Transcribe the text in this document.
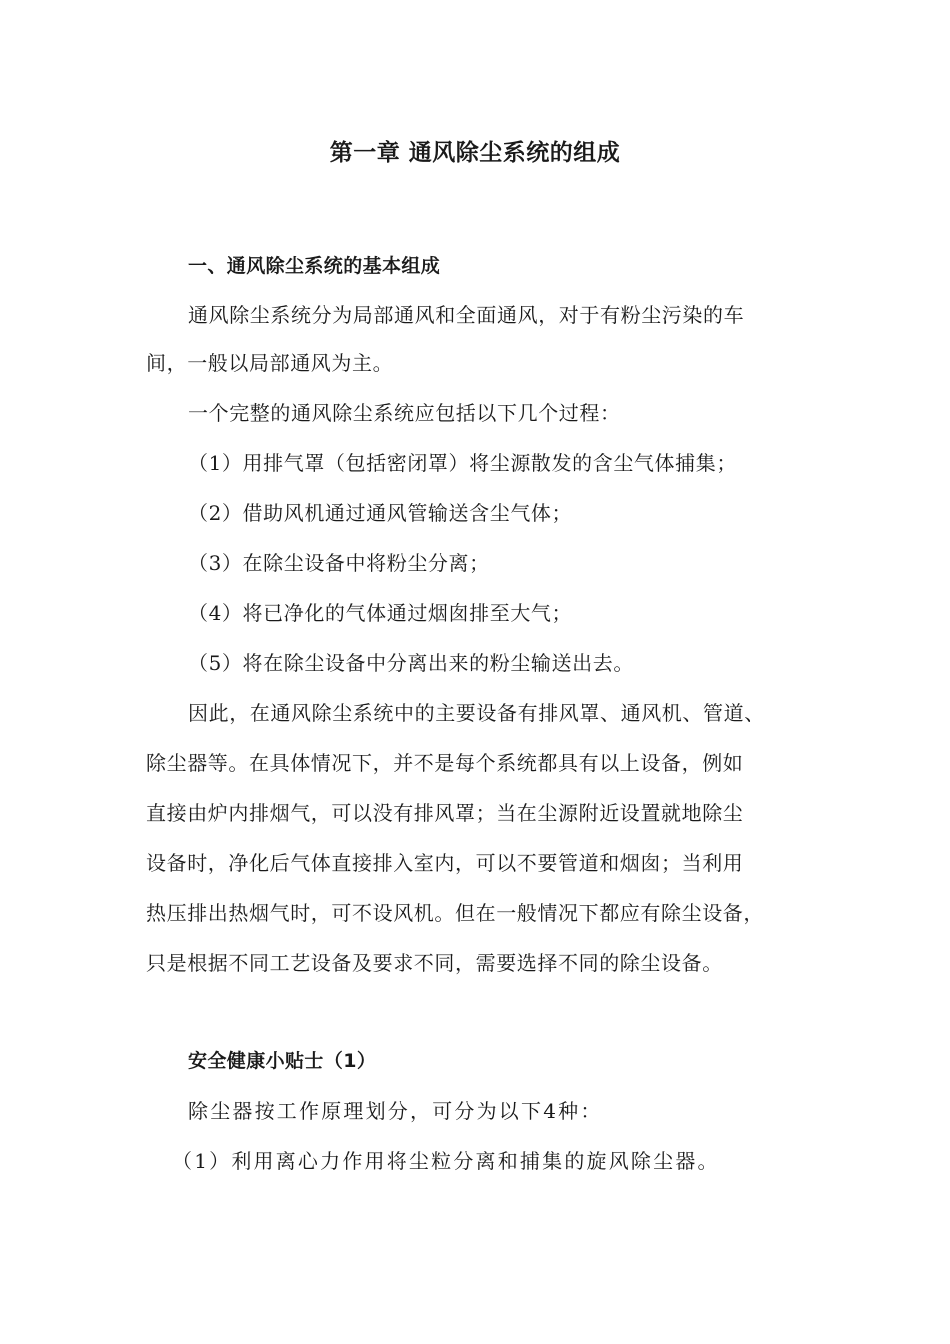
第一章 通风除尘系统的组成
一、通风除尘系统的基本组成
通风除尘系统分为局部通风和全面通风，对于有粉尘污染的车
间，一般以局部通风为主。
一个完整的通风除尘系统应包括以下几个过程：
（1）用排气罩（包括密闭罩）将尘源散发的含尘气体捕集；
（2）借助风机通过通风管输送含尘气体；
（3）在除尘设备中将粉尘分离；
（4）将已净化的气体通过烟囱排至大气；
（5）将在除尘设备中分离出来的粉尘输送出去。
因此，在通风除尘系统中的主要设备有排风罩、通风机、管道、
除尘器等。在具体情况下，并不是每个系统都具有以上设备，例如
直接由炉内排烟气，可以没有排风罩；当在尘源附近设置就地除尘
设备时，净化后气体直接排入室内，可以不要管道和烟囱；当利用
热压排出热烟气时，可不设风机。但在一般情况下都应有除尘设备，
只是根据不同工艺设备及要求不同，需要选择不同的除尘设备。
安全健康小贴士（1）
除尘器按工作原理划分，可分为以下4种：
（1）利用离心力作用将尘粒分离和捕集的旋风除尘器。
